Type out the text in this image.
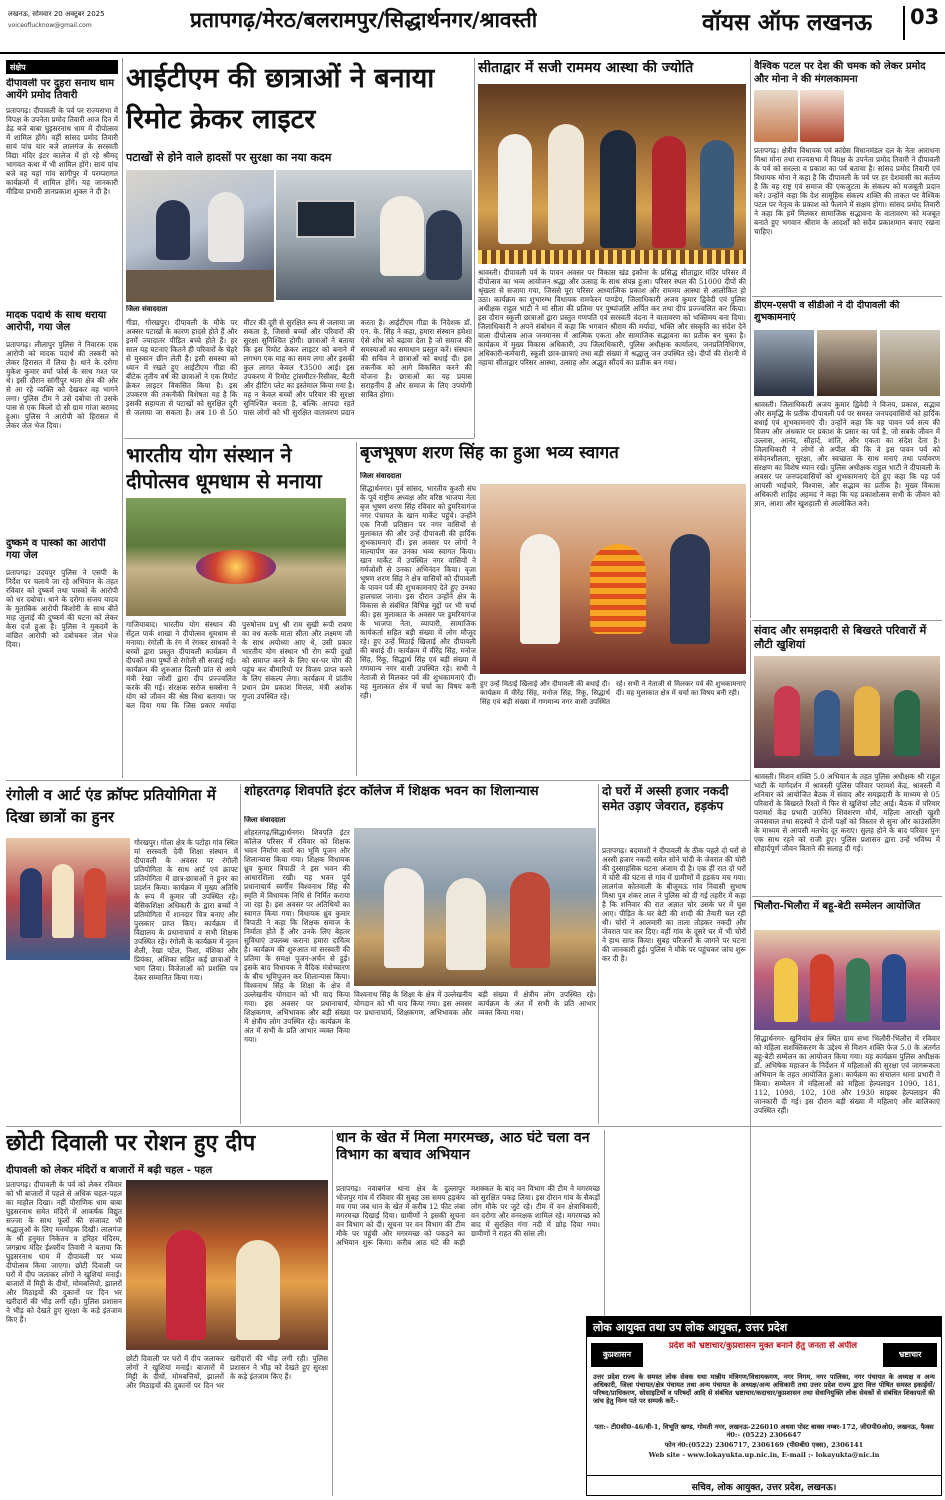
लखनऊ, सोमवार 20 अक्टूबर 2025
voiceoflucknow@gmail.com	प्रतापगढ़/मेरठ/बलरामपुर/सिद्धार्थनगर/श्रावस्ती	वॉयस ऑफ लखनऊ 03
संक्षेप
दीपावली पर दुहरा सनाथ धाम आयेंगे प्रमोद तिवारी
प्रतापगढ़। दीपावली के पर्व पर राज्यसभा में विपक्ष के उपनेता प्रमोद तिवारी आज दिन में डेढ़ बजे बाबा घुइसरनाथ धाम में दीपोत्सव में शामिल होंगे। वहीं सांसद प्रमोद तिवारी सायं पांच चार बजे लालगंज के सरस्वती विद्या मंदिर इंटर कालेज में हो रहे श्रीमद् भागवत कथा में भी शामिल होंगे। सायं पांच बजे वह यहां गांव सांगीपुर में परम्परागत कार्यक्रमों में शामिल होंगे। यह जानकारी मीडिया प्रभारी ज्ञानप्रकाश शुक्ल ने दी है।
मादक पदार्थ के साथ धराया आरोपी, गया जेल
प्रतापगढ़। लीलापुर पुलिस ने निवारक एक आरोपी को मादक पदार्थ की तस्करी को लेकर हिरासत में लिया है। थाने के दरोगा मुकेश कुमार वर्मा फोर्स के साथ गश्त पर थे। इसी दौरान सांगीपुर थाना क्षेत्र की ओर से आ रहे व्यक्ति को देखकर वह भागने लगा। पुलिस टीम ने उसे दबोचा तो उसके पास से एक किलो दो सौ ग्राम गांजा बरामद हुआ। पुलिस ने आरोपी को हिरासत में लेकर जेल भेज दिया।
दुष्कर्म व पास्को का आरोपी गया जेल
प्रतापगढ़। उदयपुर पुलिस ने एसपी के निर्देश पर चलाये जा रहे अभियान के तहत रविवार को दुष्कर्म तथा पास्को के आरोपी को धर दबोचा। थाने के दरोगा संजय यादव के मुताबिक आरोपी किशोरी के साथ बीते माह जुलाई की दुष्कर्म की घटना को लेकर केस दर्ज हुआ है। पुलिस ने मुकदमें के वांछित आरोपी को दबोचकर जेल भेज दिया।
आईटीएम की छात्राओं ने बनाया रिमोट क्रेकर लाइटर
पटाखों से होने वाले हादसों पर सुरक्षा का नया कदम
जिला संवाददाता
गीडा, गोरखपुर। दीपावली के मौके पर अक्सर पटाखों के कारण हादसे होते हैं और इनमें ज्यादातर पीड़ित बच्चे होते हैं। हर साल यह घटनाएं कितने ही परिवारों के चेहरे से मुस्कान छीन लेती हैं। इसी समस्या को ध्यान में रखते हुए आईटीएम गीडा की बीटेक तृतीय वर्ष की छात्राओं ने एक रिमोट क्रेकर लाइटर विकसित किया है। इस उपकरण की तकनीकी विशेषता यह है कि इसकी सहायता से पटाखों को सुरक्षित दूरी से जलाया जा सकता है। अब 10 से 50 मीटर की दूरी से सुरक्षित रूप से जलाया जा सकता है, जिससे बच्चों और परिवारों की सुरक्षा सुनिश्चित होगी। छात्राओं ने बताया कि इस रिमोट क्रेकर लाइटर को बनाने में लगभग एक माह का समय लगा और इसकी कुल लागत केवल ₹3500 आई। इस उपकरण में रिमोट ट्रांसमीटर-रिसीवर, बैटरी और हीटिंग प्लेट का इस्तेमाल किया गया है। यह न केवल बच्चों और परिवार की सुरक्षा सुनिश्चित करता है, बल्कि आपदा रहते पास लोगों को भी सुरक्षित वातावरण प्रदान करता है। आईटीएम गीडा के निदेशक डॉ. एन. के. सिंह ने कहा, हमारा संस्थान हमेशा ऐसे शोध को बढ़ावा देता है जो समाज की समस्याओं का समाधान प्रस्तुत करें। संस्थान की सचिव ने छात्राओं को बधाई दी। इस तकनीक को आगे विकसित करने की योजना है। छात्राओं का यह प्रयास सराहनीय है और समाज के लिए उपयोगी साबित होगा।
सीताद्वार में सजी राममय आस्था की ज्योति
श्रावस्ती। दीपावली पर्व के पावन अवसर पर विकास खंड इकौना के प्रसिद्ध सीताद्वार मंदिर परिसर में दीपोत्सव का भव्य आयोजन श्रद्धा और उत्साह के साथ संपन्न हुआ। परिसर स्थल की 51000 दीपों की श्रृंखला से सजाया गया, जिससे पूरा परिसर आध्यात्मिक प्रकाश और राममय आस्था से आलोकित हो उठा। कार्यक्रम का शुभारम्भ विधायक रामफेरन पाण्डेय, जिलाधिकारी अजय कुमार द्विवेदी एवं पुलिस अधीक्षक राहुल भाटी ने मां सीता की प्रतिमा पर पुष्पांजलि अर्पित कर तथा दीप प्रज्ज्वलित कर किया। इस दौरान स्कूली छात्राओं द्वारा प्रस्तुत गणपति एवं सरस्वती वंदना ने वातावरण को भक्तिमय बना दिया। जिलाधिकारी ने अपने संबोधन में कहा कि भगवान श्रीराम की मर्यादा, भक्ति और संस्कृति का संदेश देने वाला दीपोत्सव आज जनमानस में आत्मिक एकता और सामाजिक सद्भावना का प्रतीक बन चुका है। कार्यक्रम में मुख्य विकास अधिकारी, उप जिलाधिकारी, पुलिस अधीक्षक कार्यालय, जनप्रतिनिधिगण, अधिकारी-कर्मचारी, स्कूली छात्र-छात्राएं तथा बड़ी संख्या में श्रद्धालु जन उपस्थित रहे। दीपों की रोशनी में नहाया सीताद्वार परिसर आस्था, उत्साह और अद्भुत सौंदर्य का प्रतीक बन गया।
वैश्विक पटल पर देश की चमक को लेकर प्रमोद और मोना ने की मंगलकामना
प्रतापगढ़। क्षेत्रीय विधायक एवं कांग्रेस विधानमंडल दल के नेता आराधना मिश्रा मोना तथा राज्यसभा में विपक्ष के उपनेता प्रमोद तिवारी ने दीपावली के पर्व को सरल्ता व प्रकाश का पर्व बताया है। सांसद प्रमोद तिवारी एवं विधायक मोना ने कहा है कि दीपावली के पर्व पर हर देशवासी का कर्तव्य है कि वह राष्ट्र एवं समाज की एकजुटता के संकल्प को मजबूती प्रदान करे। उन्होंने कहा कि देश सामूहिक संकल्प शक्ति की ताकत पर वैश्विक पटल पर नेतृत्व के प्रकाश को फैलाने में सक्षम होगा। सांसद प्रमोद तिवारी ने कहा कि हमें मिलकर सामाजिक सद्भावना के वातावरण को मजबूत बनाते हुए भगवान श्रीराम के आदर्शों को सदैव प्रकाशमान बनाए रखना चाहिए।
डीएम-एसपी व सीडीओ ने दी दीपावली की शुभकामनाएं
श्रावस्ती। जिलाधिकारी अजय कुमार द्विवेदी ने विजय, प्रकाश, सद्भाव और समृद्धि के प्रतीक दीपावली पर्व पर समस्त जनपदवासियों को हार्दिक बधाई एवं शुभकामनाएं दी। उन्होंने कहा कि यह पावन पर्व सत्य की विजय और अंधकार पर प्रकाश के प्रसार का पर्व है, जो सबके जीवन में उल्लास, आनंद, सौहार्द, शांति, और एकता का संदेश देता है। जिलाधिकारी ने लोगों से अपील की कि वे इस पावन पर्व को संवेदनशीलता, सुरक्षा, और स्वच्छता के साथ मनाएं तथा पर्यावरण संरक्षण का विशेष ध्यान रखें। पुलिस अधीक्षक राहुल भाटी ने दीपावली के अवसर पर जनपदवासियों को शुभकामनाएं देते हुए कहा कि यह पर्व आपसी भाईचारे, विश्वास, और सद्भाव का प्रतीक है। मुख्य विकास अधिकारी शाहिद अहमद ने कहा कि यह प्रकाशोत्सव सभी के जीवन को ज्ञान, आशा और खुशहाली से आलोकित करे।
भारतीय योग संस्थान ने दीपोत्सव धूमधाम से मनाया
गाजियाबाद। भारतीय योग संस्थान की सेंट्रल पार्क शाखा ने दीपोत्सव धूमधाम से मनाया। रंगोली के रंग में रंगकर साधकों ने बच्चों द्वारा प्रस्तुत दीपावली कार्यक्रम में दीपकों तथा पुष्पों से रंगोली सी सजाई गई। कार्यक्रम की शुरुआत दिल्ली प्रांत से आये मंत्री रेखा जोशी द्वारा दीप प्रज्ज्वलित करके की गई। संरक्षक सरोज सक्सेना ने योग को जीवन की श्रेष्ठ विधा बताया। पर बल दिया गया कि जिस प्रकार मर्यादा पुरुषोत्तम प्रभु श्री राम सुखी रूपी रावण का वध करके माता सीता और लक्ष्मण जी के साथ अयोध्या आए थे, उसी प्रकार भारतीय योग संस्थान भी रोग रूपी दुखों को समाप्त करने के लिए घर-घर योग की पहुंच कर बीमारियों पर विजय प्राप्त करने के लिए संकल्प लेगा। कार्यक्रम में प्रांतीय प्रधान प्रेम प्रकाश मित्तल, मंत्री अशोक गुप्ता उपस्थित रहे।
बृजभूषण शरण सिंह का हुआ भव्य स्वागत
जिला संवाददाता
सिद्धार्थनगर। पूर्व सांसद, भारतीय कुश्ती संघ के पूर्व राष्ट्रीय अध्यक्ष और वरिष्ठ भाजपा नेता बृज भूषण शरण सिंह रविवार को डुमरियागंज नगर पंचायत के खान मार्केट पहुंचे। उन्होंने एक निजी प्रतिष्ठान पर नगर वासियों से मुलाकात की और उन्हें दीपावली की हार्दिक शुभकामनाएं दीं। इस अवसर पर लोगों ने माल्यार्पण कर उनका भव्य स्वागत किया। खान मार्केट में उपस्थित नगर वासियों ने गर्मजोशी से उनका अभिनंदन किया। वृजा भूषण शरण सिंह ने क्षेत्र वासियों को दीपावली के पावन पर्व की शुभकामनाएं देते हुए उनका हालचाल जाना। इस दौरान उन्होंने क्षेत्र के विकास से संबंधित विभिन्न मुद्दों पर भी चर्चा की। इस मुलाकात के अवसर पर डुमरियागंज के भाजपा नेता, व्यापारी, सामाजिक कार्यकर्ता सहित बड़ी संख्या में लोग मौजूद रहे। हुए उन्हें मिठाई खिलाई और दीपावली की बधाई दी। कार्यक्रम में वीरेंद्र सिंह, मनोज सिंह, रिंकू, सिद्धार्थ सिंह एवं बड़ी संख्या में गणमान्य नगर वासी उपस्थित रहे। सभी ने नेताजी से मिलकर पर्व की शुभकामनाएं दीं। यह मुलाकात क्षेत्र में चर्चा का विषय बनी रही।
हुए उन्हें मिठाई खिलाई और दीपावली की बधाई दी। कार्यक्रम में वीरेंद्र सिंह, मनोज सिंह, रिंकू, सिद्धार्थ सिंह एवं बड़ी संख्या में गणमान्य नगर वासी उपस्थित रहे। सभी ने नेताजी से मिलकर पर्व की शुभकामनाएं दीं। यह मुलाकात क्षेत्र में चर्चा का विषय बनी रही।
संवाद और समझदारी से बिखरते परिवारों में लौटी खुशियां
श्रावस्ती। मिशन शक्ति 5.0 अभियान के तहत पुलिस अधीक्षक श्री राहुल भाटी के मार्गदर्शन में श्रावस्ती पुलिस परिवार परामर्श केंद्र, श्रावस्ती में शनिवार को आयोजित बैठक में संवाद और समझदारी के माध्यम से 05 परिवारों के बिखरते रिश्तों में फिर से खुशियां लौट आई। बैठक में परिवार परामर्श केंद्र प्रभारी उ0नि0 शिवशरण मौर्य, महिला आरक्षी खुशी जयसवाल तथा सदस्यों ने दोनों पक्षों को विस्तार से सुना और काउंसलिंग के माध्यम से आपसी मतभेद दूर कराए। सुलह होने के बाद परिवार पुनः एक साथ रहने को राजी हुए। पुलिस प्रशासन द्वारा उन्हें भविष्य में सौहार्दपूर्ण जीवन बिताने की सलाह दी गई।
रंगोली व आर्ट एंड क्रॉफ्ट प्रतियोगिता में दिखा छात्रों का हुनर
गोरखपुर। गोला क्षेत्र के पटोहा गांव स्थित मां सरस्वती देवी शिक्षा संस्थान में दीपावली के अवसर पर रंगोली प्रतियोगिता के साथ आर्ट एवं क्राफ्ट प्रतियोगिता में छात्र-छात्राओं ने हुनर का प्रदर्शन किया। कार्यक्रम में मुख्य अतिथि के रूप में कुमार जी उपस्थित रहे। बेसिकशिक्षा अधिकारी के द्वारा बच्चों ने प्रतियोगिता में शानदार चित्र बनाए और पुरस्कार प्राप्त किए। कार्यक्रम में विद्यालय के प्रधानाचार्य व सभी शिक्षक उपस्थित रहे। रंगोली के कार्यक्रम में नूतन शैली, रेखा पटेल, निशा, वंशिका और प्रियंका, अंशिका सहित कई छात्राओं ने भाग लिया। विजेताओं को प्रशस्ति पत्र देकर सम्मानित किया गया।
शोहरतगढ़ शिवपति इंटर कॉलेज में शिक्षक भवन का शिलान्यास
जिला संवाददाता
शोहरतगढ़/सिद्धार्थनगर। शिवपति इंटर कॉलेज परिसर में रविवार को शिक्षक भवन निर्माण कार्य का भूमि पूजन और शिलान्यास किया गया। शिक्षक विधायक ध्रुव कुमार त्रिपाठी ने इस भवन की आधारशिला रखी। यह भवन पूर्व प्रधानाचार्य स्वर्गीय विश्वनाथ सिंह की स्मृति में विधायक निधि से निर्मित कराया जा रहा है। इस अवसर पर अतिथियों का स्वागत किया गया। विधायक ध्रुव कुमार त्रिपाठी ने कहा कि शिक्षक समाज के निर्माता होते हैं और उनके लिए बेहतर सुविधाएं उपलब्ध कराना हमारा दायित्व है। कार्यक्रम की शुरुआत मां सरस्वती की प्रतिमा के समक्ष पूजन-अर्चन से हुई। इसके बाद विधायक ने वैदिक मंत्रोच्चारण के बीच भूमिपूजन कर शिलान्यास किया। विश्वनाथ सिंह के शिक्षा के क्षेत्र में उल्लेखनीय योगदान को भी याद किया गया। इस अवसर पर प्रधानाचार्य, शिक्षकगण, अभिभावक और बड़ी संख्या में क्षेत्रीय लोग उपस्थित रहे। कार्यक्रम के अंत में सभी के प्रति आभार व्यक्त किया गया।
विश्वनाथ सिंह के शिक्षा के क्षेत्र में उल्लेखनीय योगदान को भी याद किया गया। इस अवसर पर प्रधानाचार्य, शिक्षकगण, अभिभावक और बड़ी संख्या में क्षेत्रीय लोग उपस्थित रहे। कार्यक्रम के अंत में सभी के प्रति आभार व्यक्त किया गया।
दो घरों में अस्सी हजार नकदी समेत उड़ाए जेवरात, हड़कंप
प्रतापगढ़। बदमाशों ने दीपावली के ठीक पहले दो घरों से अस्सी हजार नकदी समेत सोने चांदी के जेवरात की चोरी की दुस्साहसिक घटना अंजाम दी है। एक ही रात दो घरों में चोरी की घटना से गांव में ग्रामीणों में हड़कंप मच गया। लालगंज कोतवाली के बीजूमऊ गांव निवासी सुभाष मिश्रा पुत्र शंकर लाल ने पुलिस को दी गई तहरीर में कहा है कि शनिवार की रात अज्ञात चोर उसके घर में घुस आए। पीड़ित के घर बेटी की शादी की तैयारी चल रही थी। चोरों ने आलमारी का ताला तोड़कर नकदी और जेवरात पार कर दिए। वहीं गांव के दूसरे घर में भी चोरों ने हाथ साफ किया। सुबह परिजनों के जागने पर घटना की जानकारी हुई। पुलिस ने मौके पर पहुंचकर जांच शुरू कर दी है।
भिलौरा-भिलौरा में बहू-बेटी सम्मेलन आयोजित
सिद्धार्थनगर- खुनियांव क्षेत्र स्थित ग्राम सभा भिलौरी-भिलौरा में रविवार को महिला सशक्तिकरण के उद्देश्य से मिशन शक्ति फेज 5.0 के अंतर्गत बहू-बेटी सम्मेलन का आयोजन किया गया। यह कार्यक्रम पुलिस अधीक्षक डॉ. अभिषेक महाजन के निर्देशन में महिलाओं की सुरक्षा एवं जागरूकता अभियान के तहत आयोजित हुआ। कार्यक्रम का संचालन थाना प्रभारी ने किया। सम्मेलन में महिलाओं को महिला हेल्पलाइन 1090, 181, 112, 1098, 102, 108 और 1930 साइबर हेल्पलाइन की जानकारी दी गई। इस दौरान बड़ी संख्या में महिलाएं और बालिकाएं उपस्थित रहीं।
छोटी दिवाली पर रोशन हुए दीप
दीपावली को लेकर मंदिरों व बाजारों में बढ़ी चहल - पहल
प्रतापगढ़। दीपावली के पर्व को लेकर रविवार को भी बाजारों में पहले से अधिक चहल-पहल का माहौल दिखा। नहीं पौराणिक धाम बाबा घुइसरनाथ समेत मंदिरों में आकर्षक विद्युत सज्जा के साथ फूलों की सजावट भी श्रद्धालुओं के लिए मनमोहक दिखी। लालगंज के श्री हनुमत निकेतन व हरिहर मंदिरम, जगन्नाथ मंदिर ईश्वरीय तिवारी ने बताया कि घुइसरनाथ धाम में दीपावली पर भव्य दीपोत्सव किया जाएगा। छोटी दिवाली पर घरों में दीप जलाकर लोगों ने खुशियां मनाईं। बाजारों में मिट्टी के दीयों, मोमबत्तियों, झालरों और मिठाइयों की दुकानों पर दिन भर खरीदारों की भीड़ लगी रही। पुलिस प्रशासन ने भीड़ को देखते हुए सुरक्षा के कड़े इंतजाम किए हैं।
छोटी दिवाली पर घरों में दीप जलाकर लोगों ने खुशियां मनाईं। बाजारों में मिट्टी के दीयों, मोमबत्तियों, झालरों और मिठाइयों की दुकानों पर दिन भर खरीदारों की भीड़ लगी रही। पुलिस प्रशासन ने भीड़ को देखते हुए सुरक्षा के कड़े इंतजाम किए हैं।
धान के खेत में मिला मगरमच्छ, आठ घंटे चला वन विभाग का बचाव अभियान
प्रतापगढ़। नवाबगंज थाना क्षेत्र के दुल्लापुर भोजपुर गांव में रविवार की सुबह उस समय हड़कंप मच गया जब धान के खेत में करीब 12 फीट लंबा मगरमच्छ दिखाई दिया। ग्रामीणों ने इसकी सूचना वन विभाग को दी। सूचना पर वन विभाग की टीम मौके पर पहुंची और मगरमच्छ को पकड़ने का अभियान शुरू किया। करीब आठ घंटे की कड़ी मशक्कत के बाद वन विभाग की टीम ने मगरमच्छ को सुरक्षित पकड़ लिया। इस दौरान गांव के सैकड़ों लोग मौके पर जुटे रहे। टीम में वन क्षेत्राधिकारी, वन दरोगा और वनरक्षक शामिल रहे। मगरमच्छ को बाद में सुरक्षित गंगा नदी में छोड़ दिया गया। ग्रामीणों ने राहत की सांस ली।
लोक आयुक्त तथा उप लोक आयुक्त, उत्तर प्रदेश
कुप्रशासन
प्रदेश को भ्रष्टाचार/कुप्रशासन मुक्त बनाने हेतु जनता से अपील
भ्रष्टाचार
उत्तर प्रदेश राज्य के समस्त लोक सेवक यथा मान्नीय मंत्रिगण/विधायकगण, नगर निगम, नगर पालिका, नगर पंचायत के अध्यक्ष व अन्य अधिकारी, जिला पंचायत/क्षेत्र पंचायत तथा अन्य पंचायत के अध्यक्ष/अन्य अधिकारी तथा उत्तर प्रदेश राज्य द्वारा वित्त पोषित समस्त इकाईयों/परिषद/प्राधिकरण, सोसाइटियों व परिषदों आदि से संबंधित भ्रष्टाचार/कदाचार/कुप्रशासन तथा सेवानियुक्ति लोक सेवकों से संबंधित शिकायतों की जांच हेतु निम्न पते पर सम्पर्क करें:-
पता:- टी0सी0-46/वी-1, विभूति खण्ड, गोमती नगर, लखनऊ-226010 अथवा पोस्ट बाक्स नम्बर-172, जी0पी0ओ0, लखनऊ, फैक्स नं0:- (0522) 2306647
फोन नं0:(0522) 2306717, 2306169 (पी0बी0 एक्स), 2306141
Web site - www.lokayukta.up.nic.in, E-mail :- lokayukta@nic.in
सचिव, लोक आयुक्त, उत्तर प्रदेश, लखनऊ।
